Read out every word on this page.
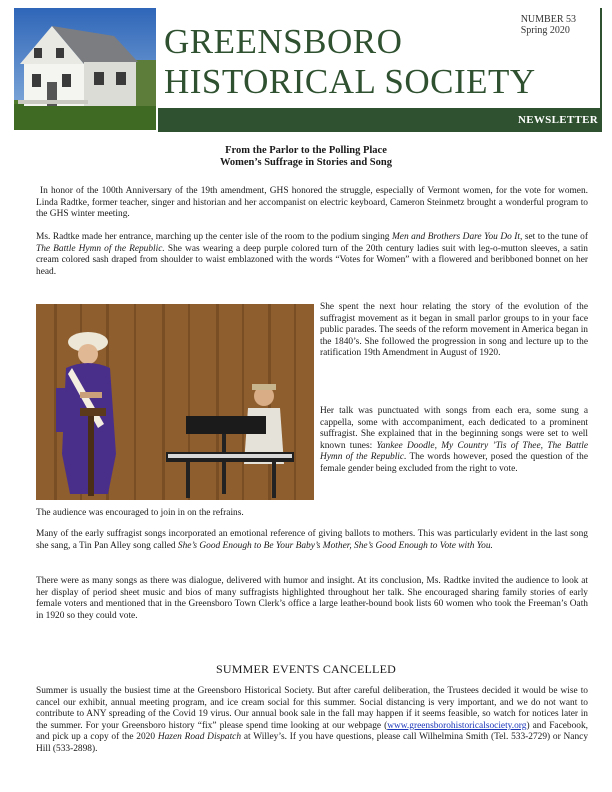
NUMBER 53
Spring 2020
GREENSBORO
HISTORICAL SOCIETY
NEWSLETTER
From the Parlor to the Polling Place
Women’s Suffrage in Stories and Song

In honor of the 100th Anniversary of the 19th amendment, GHS honored the struggle, especially of Vermont women, for the vote for women. Linda Radtke, former teacher, singer and historian and her accompanist on electric keyboard, Cameron Steinmetz brought a wonderful program to the GHS winter meeting.

Ms. Radtke made her entrance, marching up the center isle of the room to the podium singing Men and Brothers Dare You Do It, set to the tune of The Battle Hymn of the Republic. She was wearing a deep purple colored turn of the 20th century ladies suit with leg-o-mutton sleeves, a satin cream colored sash draped from shoulder to waist emblazoned with the words “Votes for Women” with a flowered and beribboned bonnet on her head.

She spent the next hour relating the story of the evolution of the suffragist movement as it began in small parlor groups to in your face public parades. The seeds of the reform movement in America began in the 1840’s. She followed the progression in song and lecture up to the ratification 19th Amendment in August of 1920.

Her talk was punctuated with songs from each era, some sung a cappella, some with accompaniment, each dedicated to a prominent suffragist. She explained that in the beginning songs were set to well known tunes: Yankee Doodle, My Country ’Tis of Thee, The Battle Hymn of the Republic. The words however, posed the question of the female gender being excluded from the right to vote.

The audience was encouraged to join in on the refrains.

Many of the early suffragist songs incorporated an emotional reference of giving ballots to mothers. This was particularly evident in the last song she sang, a Tin Pan Alley song called She’s Good Enough to Be Your Baby’s Mother, She’s Good Enough to Vote with You.

There were as many songs as there was dialogue, delivered with humor and insight. At its conclusion, Ms. Radtke invited the audience to look at her display of period sheet music and bios of many suffragists highlighted throughout her talk. She encouraged sharing family stories of early female voters and mentioned that in the Greensboro Town Clerk’s office a large leather-bound book lists 60 women who took the Freeman’s Oath in 1920 so they could vote.

SUMMER EVENTS CANCELLED

Summer is usually the busiest time at the Greensboro Historical Society. But after careful deliberation, the Trustees decided it would be wise to cancel our exhibit, annual meeting program, and ice cream social for this summer. Social distancing is very important, and we do not want to contribute to ANY spreading of the Covid 19 virus. Our annual book sale in the fall may happen if it seems feasible, so watch for notices later in the summer. For your Greensboro history “fix” please spend time looking at our webpage (www.greensborohistoricalsociety.org) and Facebook, and pick up a copy of the 2020 Hazen Road Dispatch at Willey’s. If you have questions, please call Wilhelmina Smith (Tel. 533-2729) or Nancy Hill (533-2898).
